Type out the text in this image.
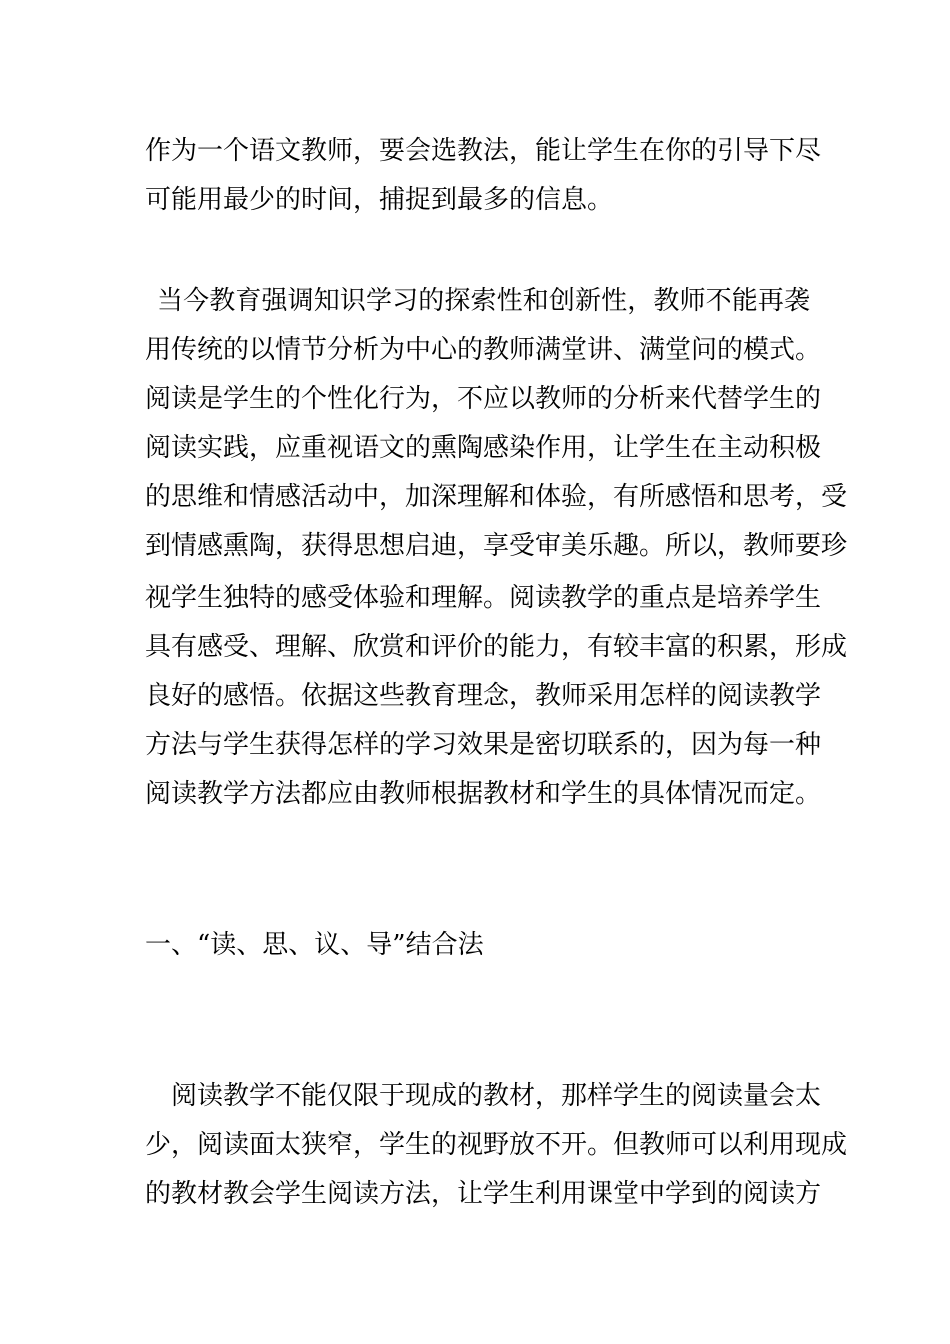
作为一个语文教师，要会选教法，能让学生在你的引导下尽
可能用最少的时间，捕捉到最多的信息。
当今教育强调知识学习的探索性和创新性，教师不能再袭
用传统的以情节分析为中心的教师满堂讲、满堂问的模式。
阅读是学生的个性化行为，不应以教师的分析来代替学生的
阅读实践，应重视语文的熏陶感染作用，让学生在主动积极
的思维和情感活动中，加深理解和体验，有所感悟和思考，受
到情感熏陶，获得思想启迪，享受审美乐趣。所以，教师要珍
视学生独特的感受体验和理解。阅读教学的重点是培养学生
具有感受、理解、欣赏和评价的能力，有较丰富的积累，形成
良好的感悟。依据这些教育理念，教师采用怎样的阅读教学
方法与学生获得怎样的学习效果是密切联系的，因为每一种
阅读教学方法都应由教师根据教材和学生的具体情况而定。
一、“读、思、议、导”结合法
阅读教学不能仅限于现成的教材，那样学生的阅读量会太
少，阅读面太狭窄，学生的视野放不开。但教师可以利用现成
的教材教会学生阅读方法，让学生利用课堂中学到的阅读方
